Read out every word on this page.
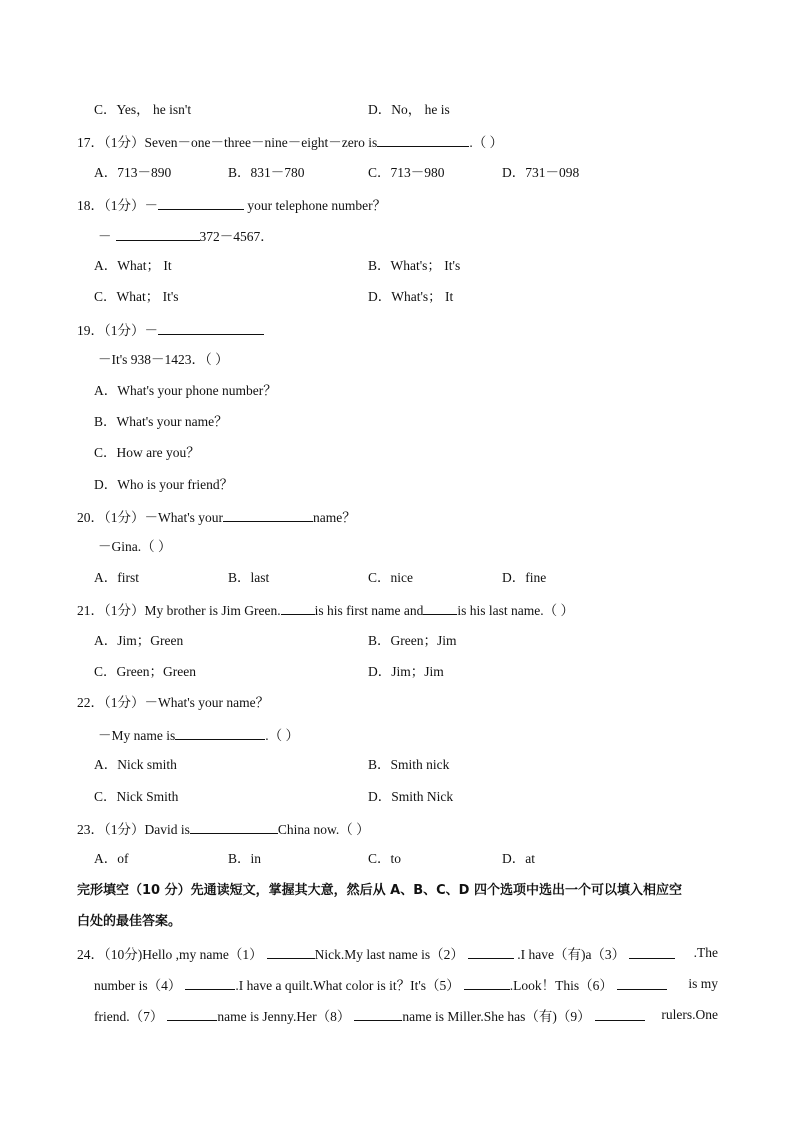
C．Yes， he isn't	D．No， he is
17．（1分）Seven－one－three－nine－eight－zero is	.（ ）
A．713－890	B．831－780	C．713－980	D．731－098
18．（1分）－	your telephone number？
－	372－4567．
A．What； It	B．What's； It's
C．What； It's	D．What's； It
19．（1分）－
－It's 938－1423．（ ）
A．What's your phone number？
B．What's your name？
C．How are you？
D．Who is your friend？
20．（1分）－What's your	name？
－Gina.（ ）
A．first	B．last	C．nice	D．fine
21．（1分）My brother is Jim Green.	is his first name and	is his last name.（ ）
A．Jim；Green	B．Green；Jim
C．Green；Green	D．Jim；Jim
22．（1分）－What's your name？
－My name is	.（ ）
A．Nick smith	B．Smith nick
C．Nick Smith	D．Smith Nick
23．（1分）David is	China now.（ ）
A．of	B．in	C．to	D．at
完形填空（10 分）先通读短文，掌握其大意，然后从 A、B、C、D 四个选项中选出一个可以填入相应空
白处的最佳答案。
24．（10分)Hello ,my name（1）	Nick.My last name is（2）	.I have（有)a（3）	.The
number is（4）	.I have a quilt.What color is it？It's（5）	.Look！This（6）	is my
friend.（7）	name is Jenny.Her（8）	name is Miller.She has（有)（9）	rulers.One
